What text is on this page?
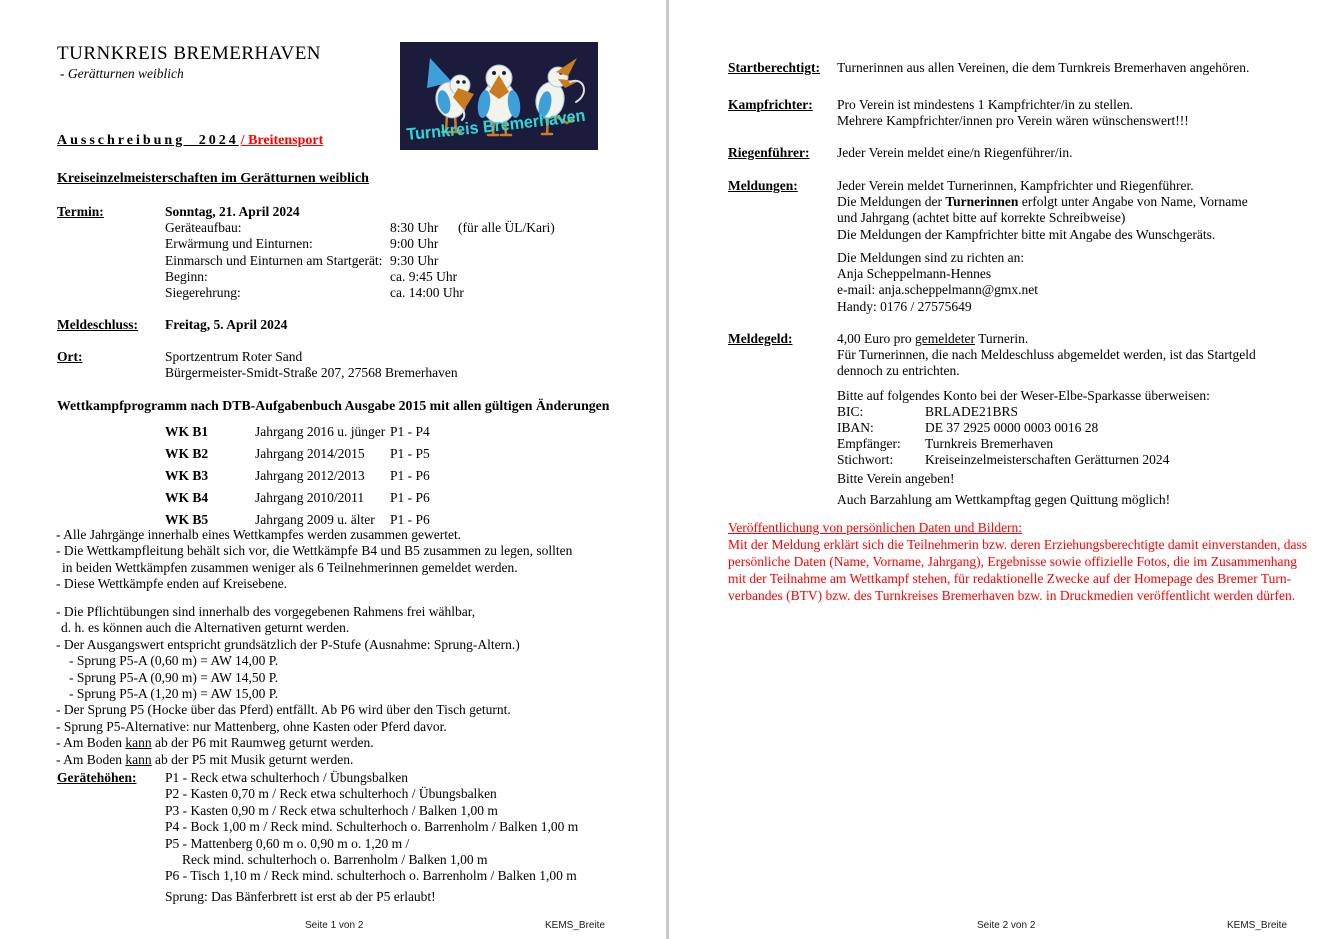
TURNKREIS BREMERHAVEN
- Gerätturnen weiblich
Turnkreis Bremerhaven
Ausschreibung 2024 / Breitensport
Kreiseinzelmeisterschaften im Gerätturnen weiblich
Termin:	Sonntag, 21. April 2024
Geräteaufbau:	8:30 Uhr (für alle ÜL/Kari)
Erwärmung und Einturnen:	9:00 Uhr
Einmarsch und Einturnen am Startgerät: 9:30 Uhr
Beginn:	ca. 9:45 Uhr
Siegerehrung:	ca. 14:00 Uhr
Meldeschluss: Freitag, 5. April 2024
Ort:	Sportzentrum Roter Sand
Bürgermeister-Smidt-Straße 207, 27568 Bremerhaven
Wettkampfprogramm nach DTB-Aufgabenbuch Ausgabe 2015 mit allen gültigen Änderungen
WK B1	Jahrgang 2016 u. jünger P1 - P4
WK B2	Jahrgang 2014/2015 P1 - P5
WK B3	Jahrgang 2012/2013 P1 - P6
WK B4	Jahrgang 2010/2011 P1 - P6
WK B5	Jahrgang 2009 u. älter P1 - P6
- Alle Jahrgänge innerhalb eines Wettkampfes werden zusammen gewertet.
- Die Wettkampfleitung behält sich vor, die Wettkämpfe B4 und B5 zusammen zu legen, sollten
in beiden Wettkämpfen zusammen weniger als 6 Teilnehmerinnen gemeldet werden.
- Diese Wettkämpfe enden auf Kreisebene.
- Die Pflichtübungen sind innerhalb des vorgegebenen Rahmens frei wählbar,
d. h. es können auch die Alternativen geturnt werden.
- Der Ausgangswert entspricht grundsätzlich der P-Stufe (Ausnahme: Sprung-Altern.)
- Sprung P5-A (0,60 m) = AW 14,00 P.
- Sprung P5-A (0,90 m) = AW 14,50 P.
- Sprung P5-A (1,20 m) = AW 15,00 P.
- Der Sprung P5 (Hocke über das Pferd) entfällt. Ab P6 wird über den Tisch geturnt.
- Sprung P5-Alternative: nur Mattenberg, ohne Kasten oder Pferd davor.
- Am Boden kann ab der P6 mit Raumweg geturnt werden.
- Am Boden kann ab der P5 mit Musik geturnt werden.
Gerätehöhen: P1 - Reck etwa schulterhoch / Übungsbalken
P2 - Kasten 0,70 m / Reck etwa schulterhoch / Übungsbalken
P3 - Kasten 0,90 m / Reck etwa schulterhoch / Balken 1,00 m
P4 - Bock 1,00 m / Reck mind. Schulterhoch o. Barrenholm / Balken 1,00 m
P5 - Mattenberg 0,60 m o. 0,90 m o. 1,20 m /
Reck mind. schulterhoch o. Barrenholm / Balken 1,00 m
P6 - Tisch 1,10 m / Reck mind. schulterhoch o. Barrenholm / Balken 1,00 m
Sprung: Das Bänferbrett ist erst ab der P5 erlaubt!
Seite 1 von 2	KEMS_Breite
Startberechtigt: Turnerinnen aus allen Vereinen, die dem Turnkreis Bremerhaven angehören.
Kampfrichter: Pro Verein ist mindestens 1 Kampfrichter/in zu stellen.
Mehrere Kampfrichter/innen pro Verein wären wünschenswert!!!
Riegenführer: Jeder Verein meldet eine/n Riegenführer/in.
Meldungen:	Jeder Verein meldet Turnerinnen, Kampfrichter und Riegenführer.
Die Meldungen der Turnerinnen erfolgt unter Angabe von Name, Vorname
und Jahrgang (achtet bitte auf korrekte Schreibweise)
Die Meldungen der Kampfrichter bitte mit Angabe des Wunschgeräts.
Die Meldungen sind zu richten an:
Anja Scheppelmann-Hennes
e-mail: anja.scheppelmann@gmx.net
Handy: 0176 / 27575649
Meldegeld:	4,00 Euro pro gemeldeter Turnerin.
Für Turnerinnen, die nach Meldeschluss abgemeldet werden, ist das Startgeld
dennoch zu entrichten.
Bitte auf folgendes Konto bei der Weser-Elbe-Sparkasse überweisen:
BIC:	BRLADE21BRS
IBAN:	DE 37 2925 0000 0003 0016 28
Empfänger: Turnkreis Bremerhaven
Stichwort: Kreiseinzelmeisterschaften Gerätturnen 2024
Bitte Verein angeben!
Auch Barzahlung am Wettkampftag gegen Quittung möglich!
Veröffentlichung von persönlichen Daten und Bildern:
Mit der Meldung erklärt sich die Teilnehmerin bzw. deren Erziehungsberechtigte damit einverstanden, dass
persönliche Daten (Name, Vorname, Jahrgang), Ergebnisse sowie offizielle Fotos, die im Zusammenhang
mit der Teilnahme am Wettkampf stehen, für redaktionelle Zwecke auf der Homepage des Bremer Turn-
verbandes (BTV) bzw. des Turnkreises Bremerhaven bzw. in Druckmedien veröffentlicht werden dürfen.
Seite 2 von 2	KEMS_Breite
